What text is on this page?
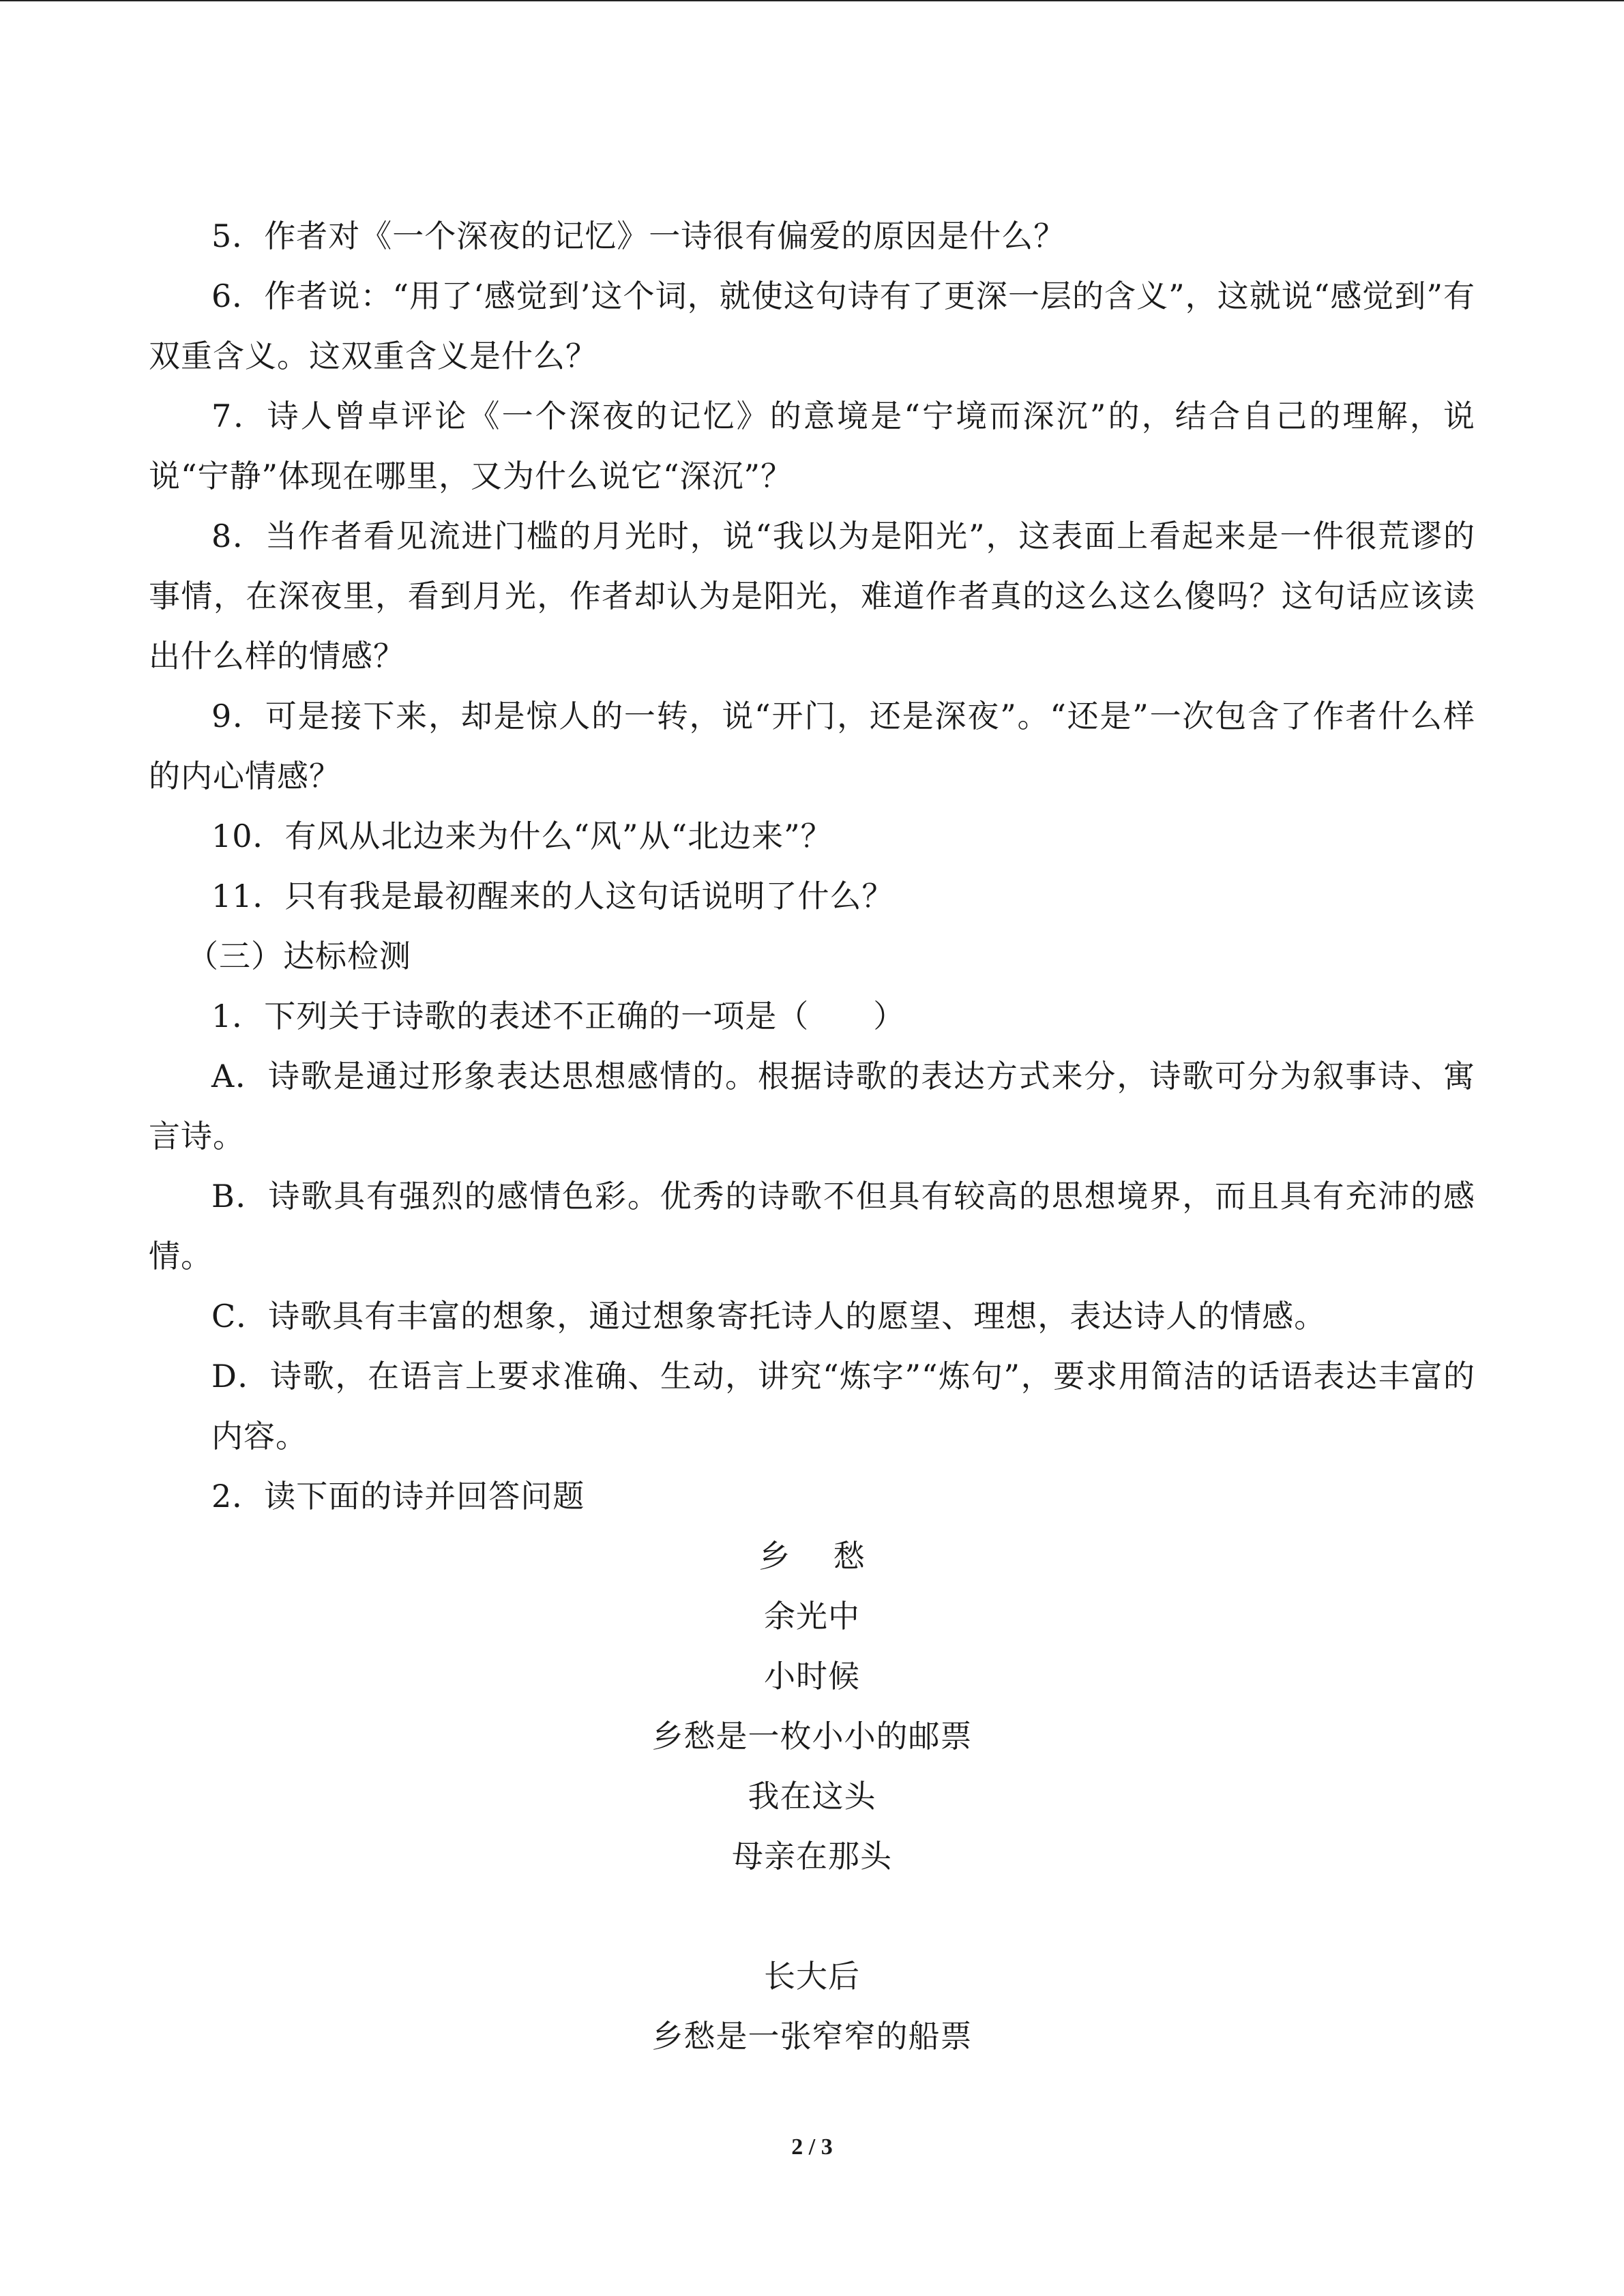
5．作者对《一个深夜的记忆》一诗很有偏爱的原因是什么？

6．作者说：“用了‘感觉到’这个词，就使这句诗有了更深一层的含义”，这就说“感觉到”有双重含义。这双重含义是什么？

7．诗人曾卓评论《一个深夜的记忆》的意境是“宁境而深沉”的，结合自己的理解，说说“宁静”体现在哪里，又为什么说它“深沉”？

8．当作者看见流进门槛的月光时，说“我以为是阳光”，这表面上看起来是一件很荒谬的事情，在深夜里，看到月光，作者却认为是阳光，难道作者真的这么这么傻吗？这句话应该读出什么样的情感？

9．可是接下来，却是惊人的一转，说“开门，还是深夜”。“还是”一次包含了作者什么样的内心情感？

10．有风从北边来为什么“风”从“北边来”？

11．只有我是最初醒来的人这句话说明了什么？

（三）达标检测

1．下列关于诗歌的表述不正确的一项是（　　）

A．诗歌是通过形象表达思想感情的。根据诗歌的表达方式来分，诗歌可分为叙事诗、寓言诗。

B．诗歌具有强烈的感情色彩。优秀的诗歌不但具有较高的思想境界，而且具有充沛的感情。

C．诗歌具有丰富的想象，通过想象寄托诗人的愿望、理想，表达诗人的情感。

D．诗歌，在语言上要求准确、生动，讲究“炼字”“炼句”，要求用简洁的话语表达丰富的内容。

2．读下面的诗并回答问题

乡　 愁

余光中

小时候

乡愁是一枚小小的邮票

我在这头

母亲在那头

长大后

乡愁是一张窄窄的船票

2 / 3
